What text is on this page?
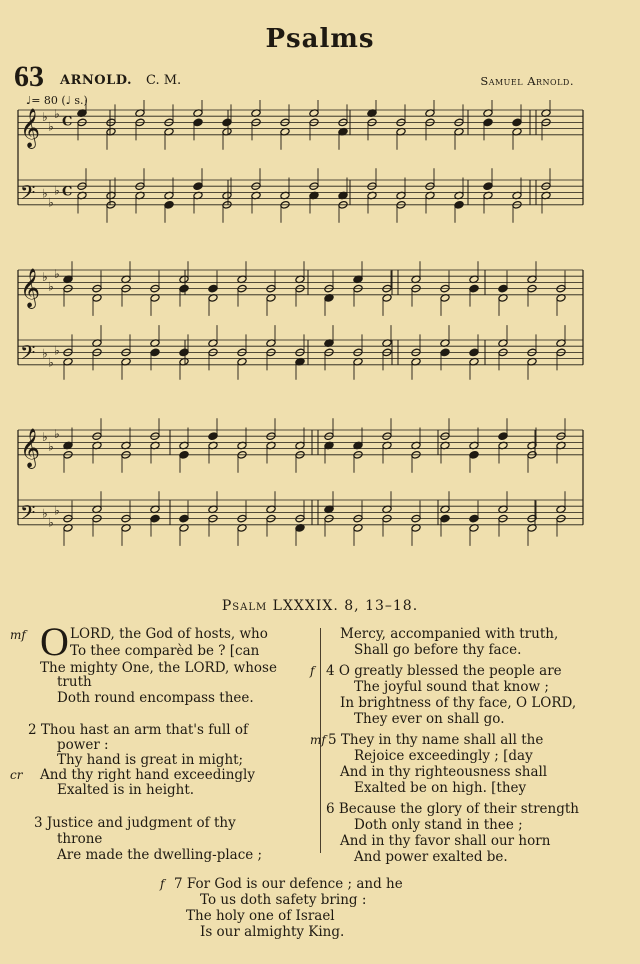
Psalms
63 ARNOLD. C. M.	Samuel Arnold.
♩= 80 (♩ s.)
𝄞 ♭
♭
♭
C
𝄢 ♭
♭
♭ C
𝄞 ♭
♭
♭
𝄢 ♭
♭
♭
𝄞 ♭
♭
♭
𝄢 ♭
♭
♭
Psalm LXXXIX. 8, 13–18.
mf O LORD, the God of hosts, who
To thee comparèd be ? [can
The mighty One, the LORD, whose
truth
Doth round encompass thee.
2 Thou hast an arm that's full of
power :
Thy hand is great in might;
cr And thy right hand exceedingly
Exalted is in height.
3 Justice and judgment of thy
throne
Are made the dwelling-place ;
Mercy, accompanied with truth,
Shall go before thy face.
f 4 O greatly blessed the people are
The joyful sound that know ;
In brightness of thy face, O LORD,
They ever on shall go.
mf 5 They in thy name shall all the
Rejoice exceedingly ; [day
And in thy righteousness shall
Exalted be on high. [they
6 Because the glory of their strength
Doth only stand in thee ;
And in thy favor shall our horn
And power exalted be.
f 7 For God is our defence ; and he
To us doth safety bring :
The holy one of Israel
Is our almighty King.
